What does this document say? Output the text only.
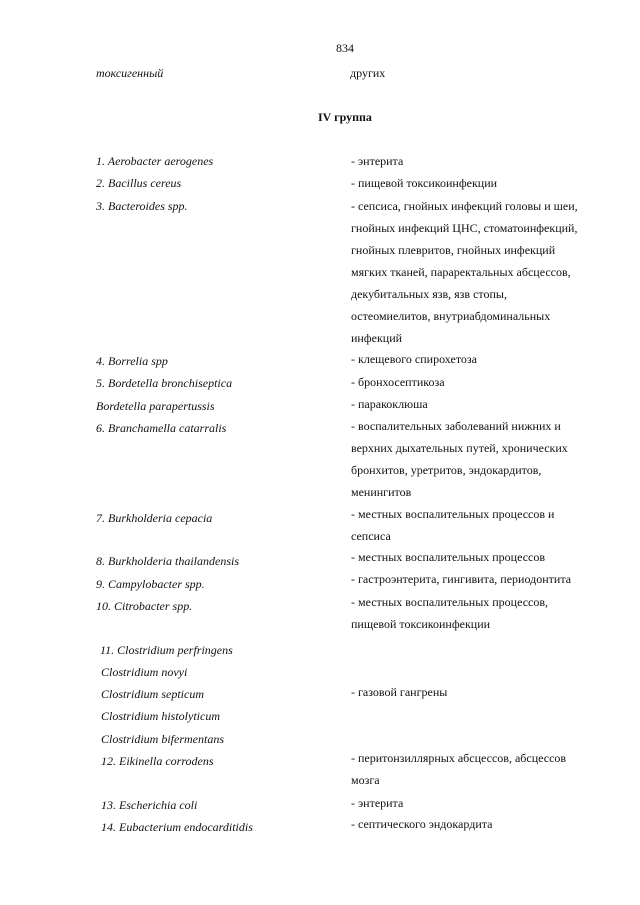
834
токсигенный	других
IV группа
1. Aerobacter aerogenes	- энтерита
2. Bacillus cereus	- пищевой токсикоинфекции
3. Bacteroides spp.	- сепсиса, гнойных инфекций головы и шеи,
гнойных инфекций ЦНС, стоматоинфекций,
гнойных плевритов, гнойных инфекций
мягких тканей, параректальных абсцессов,
декубитальных язв, язв стопы,
остеомиелитов, внутриабдоминальных
инфекций
4. Borrelia spp	- клещевого спирохетоза
5. Bordetella bronchiseptica	- бронхосептикоза
Bordetella parapertussis	- паракоклюша
6. Branchamella catarralis	- воспалительных заболеваний нижних и
верхних дыхательных путей, хронических
бронхитов, уретритов, эндокардитов,
менингитов
7. Burkholderia cepacia	- местных воспалительных процессов и
сепсиса
8. Burkholderia thailandensis	- местных воспалительных процессов
9. Campylobacter spp.	- гастроэнтерита, гингивита, периодонтита
10. Citrobacter spp.	- местных воспалительных процессов,
пищевой токсикоинфекции
11. Clostridium perfringens
Clostridium novyi
Clostridium septicum	- газовой гангрены
Clostridium histolyticum
Clostridium bifermentans
12. Eikinella corrodens	- перитонзиллярных абсцессов, абсцессов
мозга
13. Escherichia coli	- энтерита
14. Eubacterium endocarditidis	- септического эндокардита
